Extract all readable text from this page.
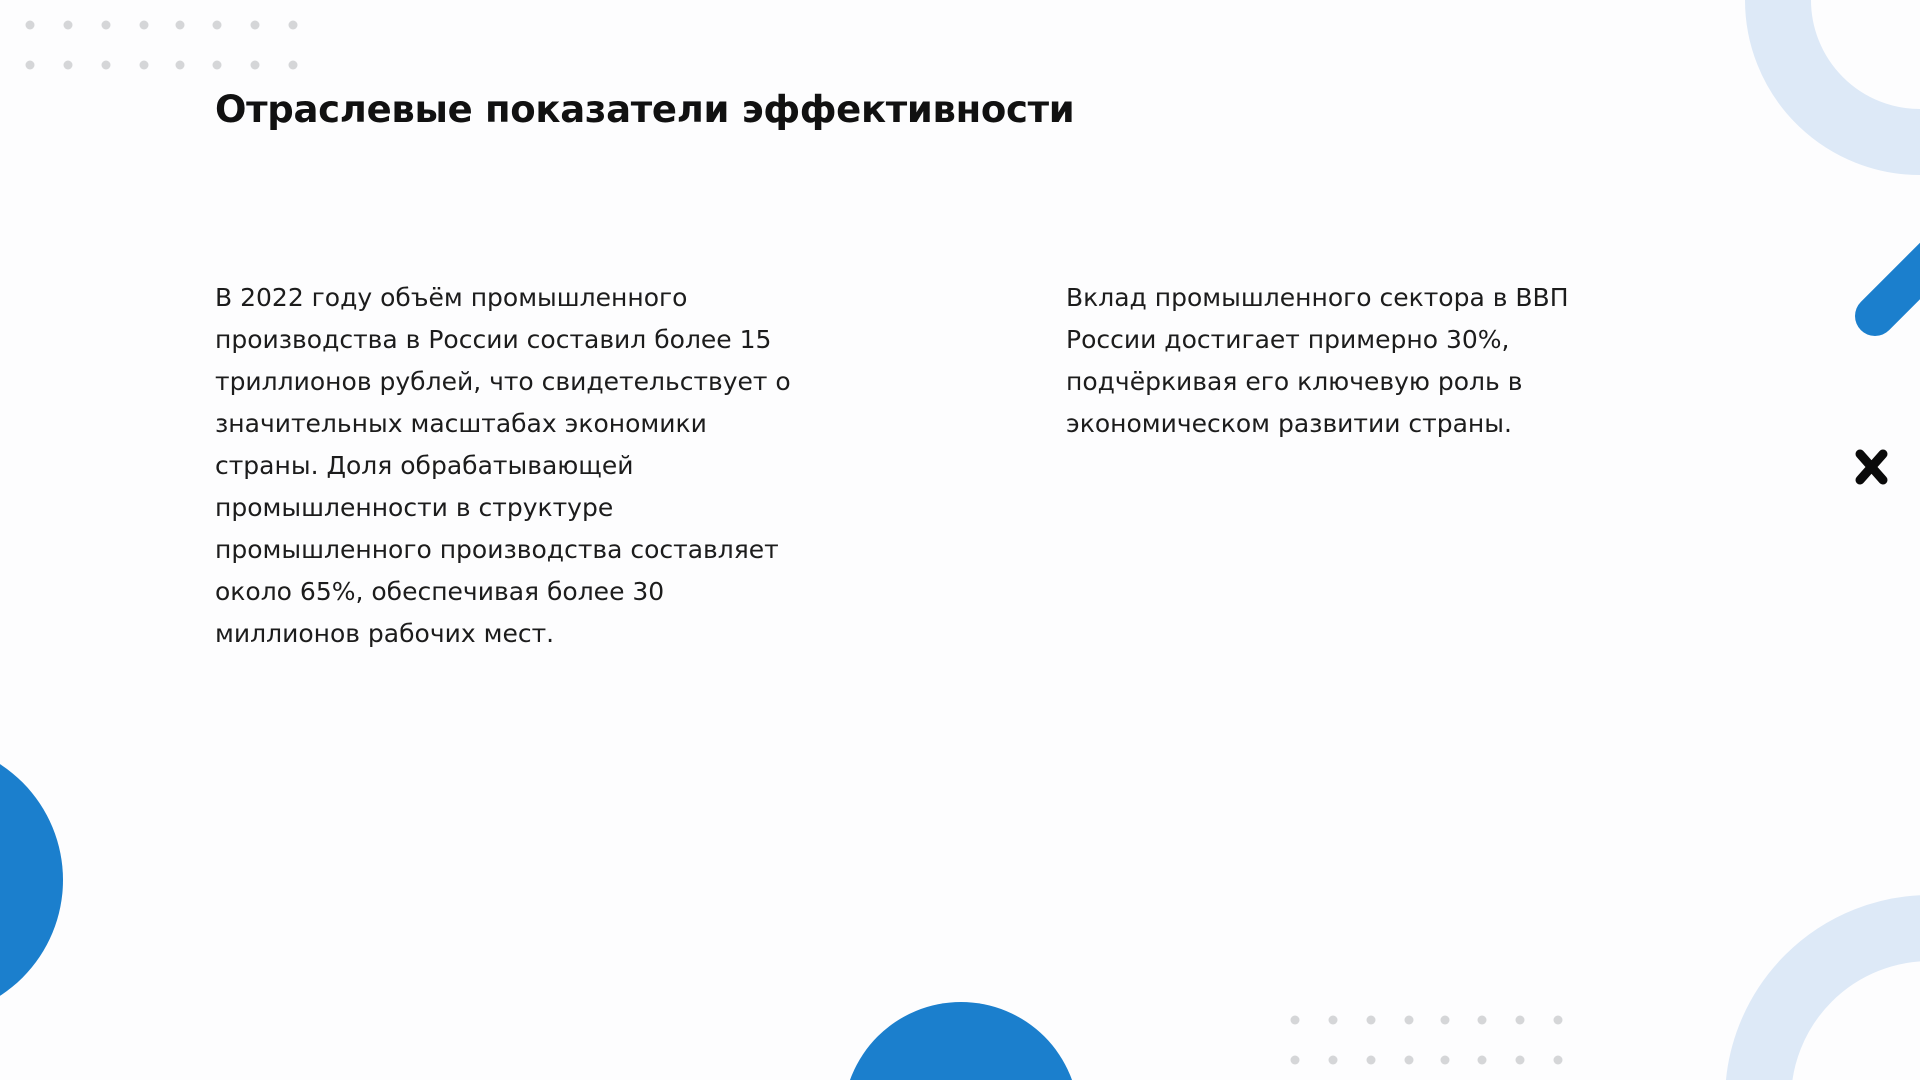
Отраслевые показатели эффективности

В 2022 году объём промышленного производства в России составил более 15 триллионов рублей, что свидетельствует о значительных масштабах экономики страны. Доля обрабатывающей промышленности в структуре промышленного производства составляет около 65%, обеспечивая более 30 миллионов рабочих мест.

Вклад промышленного сектора в ВВП России достигает примерно 30%, подчёркивая его ключевую роль в экономическом развитии страны.
